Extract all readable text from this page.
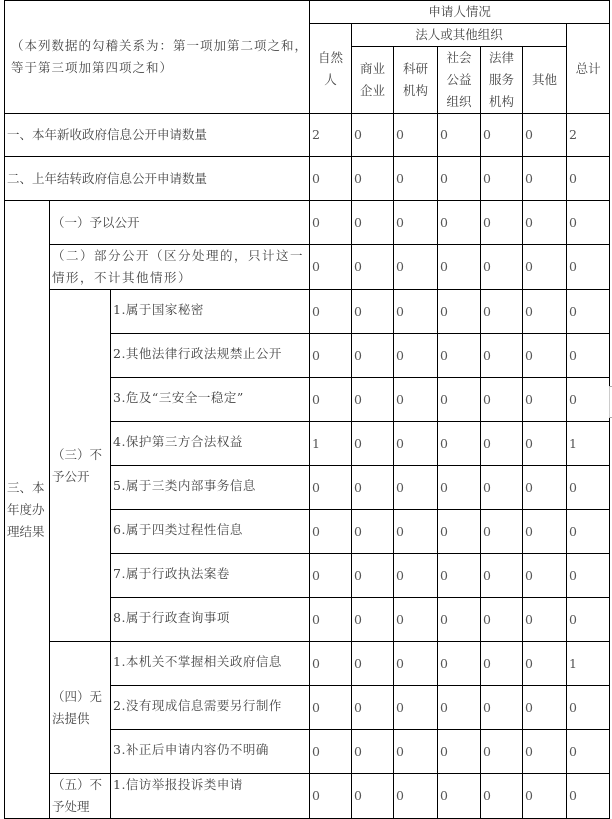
（本列数据的勾稽关系为：第一项加第二项之和，等于第三项加第四项之和）			申请人情况						

			自然人	法人或其他组织					总计

				商业企业	科研机构	社会公益组织	法律服务机构	其他	
一、本年新收政府信息公开申请数量			2	0	0	0	0	0	2
二、上年结转政府信息公开申请数量			0	0	0	0	0	0	0

三、本年度办理结果	（一）予以公开		0	0	0	0	0	0	0
	（二）部分公开（区分处理的，只计这一情形，不计其他情形）		0	0	0	0	0	0	0

	（三）不予公开	1.属于国家秘密	0	0	0	0	0	0	0
		2.其他法律行政法规禁止公开	0	0	0	0	0	0	0
		3.危及“三安全一稳定”	0	0	0	0	0	0	0
		4.保护第三方合法权益	1	0	0	0	0	0	1
		5.属于三类内部事务信息	0	0	0	0	0	0	0
		6.属于四类过程性信息	0	0	0	0	0	0	0
		7.属于行政执法案卷	0	0	0	0	0	0	0
		8.属于行政查询事项	0	0	0	0	0	0	0

	（四）无法提供	1.本机关不掌握相关政府信息	0	0	0	0	0	0	1
		2.没有现成信息需要另行制作	0	0	0	0	0	0	0
		3.补正后申请内容仍不明确	0	0	0	0	0	0	0

	（五）不予处理	1.信访举报投诉类申请	0	0	0	0	0	0	0
